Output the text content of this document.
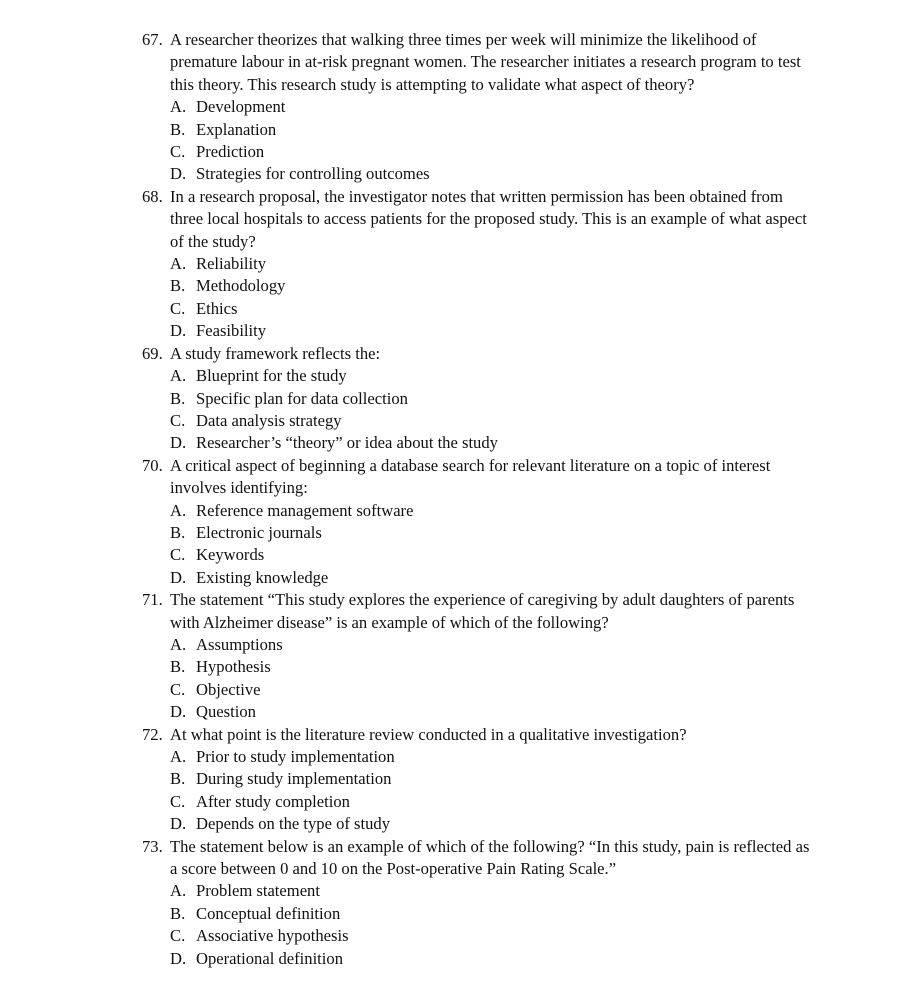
67. A researcher theorizes that walking three times per week will minimize the likelihood of premature labour in at-risk pregnant women. The researcher initiates a research program to test this theory. This research study is attempting to validate what aspect of theory?
A. Development
B. Explanation
C. Prediction
D. Strategies for controlling outcomes
68. In a research proposal, the investigator notes that written permission has been obtained from three local hospitals to access patients for the proposed study. This is an example of what aspect of the study?
A. Reliability
B. Methodology
C. Ethics
D. Feasibility
69. A study framework reflects the:
A. Blueprint for the study
B. Specific plan for data collection
C. Data analysis strategy
D. Researcher’s “theory” or idea about the study
70. A critical aspect of beginning a database search for relevant literature on a topic of interest involves identifying:
A. Reference management software
B. Electronic journals
C. Keywords
D. Existing knowledge
71. The statement “This study explores the experience of caregiving by adult daughters of parents with Alzheimer disease” is an example of which of the following?
A. Assumptions
B. Hypothesis
C. Objective
D. Question
72. At what point is the literature review conducted in a qualitative investigation?
A. Prior to study implementation
B. During study implementation
C. After study completion
D. Depends on the type of study
73. The statement below is an example of which of the following? “In this study, pain is reflected as a score between 0 and 10 on the Post-operative Pain Rating Scale.”
A. Problem statement
B. Conceptual definition
C. Associative hypothesis
D. Operational definition
